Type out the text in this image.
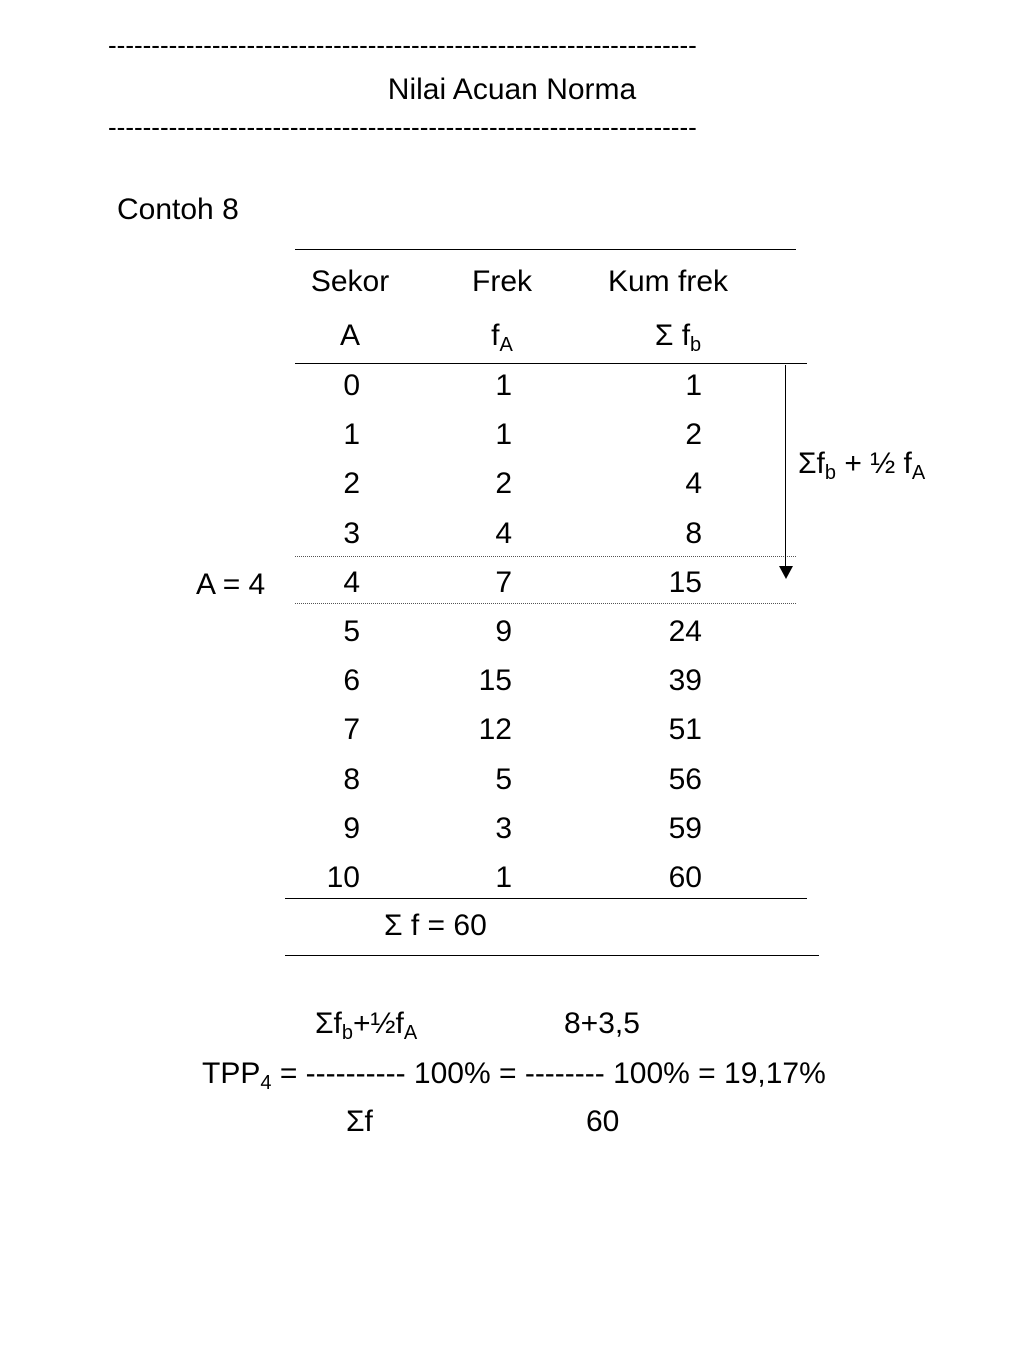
--------------------------------------------------------------------
Nilai Acuan Norma
--------------------------------------------------------------------
Contoh 8
Sekor	Frek	Kum frek
A	$f_A$	Σ $f_b$
0	1	1
1	1	2
2	2	4
3	4	8
4	7	15
5	9	24
6	15	39
7	12	51
8	5	56
9	3	59
10	1	60
A = 4
$\Sigma f_b$ + ½ $f_A$
Σ f = 60
$\Sigma f_b+\frac{1}{2}f_A$	8+3,5
$TPP_4$ = ---------- 100% = -------- 100% = 19,17%
Σf	60
